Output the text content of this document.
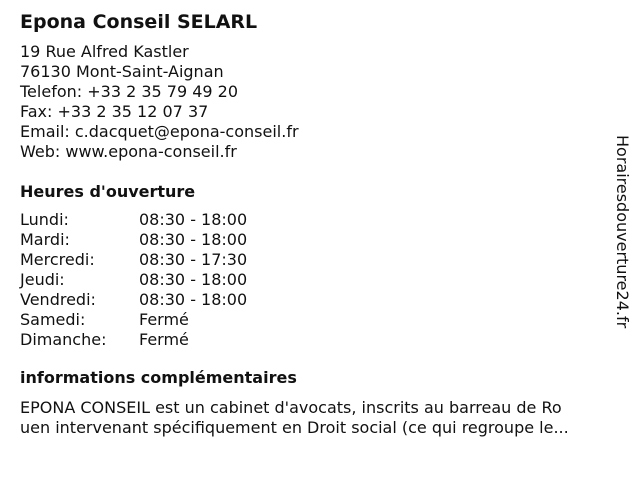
Epona Conseil SELARL
19 Rue Alfred Kastler
76130 Mont-Saint-Aignan
Telefon: +33 2 35 79 49 20
Fax: +33 2 35 12 07 37
Email: c.dacquet@epona-conseil.fr
Web: www.epona-conseil.fr
Heures d'ouverture
Lundi:	08:30 - 18:00
Mardi:	08:30 - 18:00
Mercredi:	08:30 - 17:30
Jeudi:	08:30 - 18:00
Vendredi:	08:30 - 18:00
Samedi:	Fermé
Dimanche:	Fermé
informations complémentaires
EPONA CONSEIL est un cabinet d'avocats, inscrits au barreau de Ro
uen intervenant spécifiquement en Droit social (ce qui regroupe le...
Horairesdouverture24.fr
